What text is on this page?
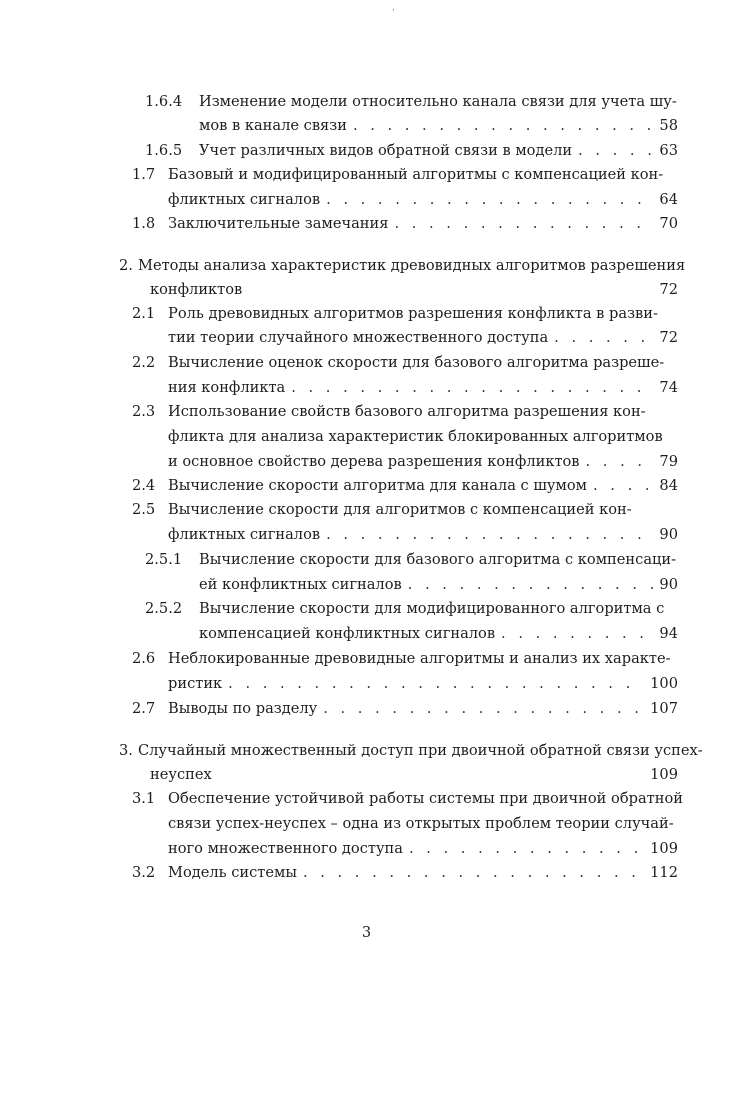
·
1.6.4 Изменение модели относительно канала связи для учета шу-
мов в канале связи . . .	58
1.6.5 Учет различных видов обратной связи в модели . . .	63
1.7 Базовый и модифицированный алгоритмы с компенсацией кон-
фликтных сигналов . . .	64
1.8 Заключительные замечания . . .	70
2. Методы анализа характеристик древовидных алгоритмов разрешения
конфликтов	72
2.1 Роль древовидных алгоритмов разрешения конфликта в разви-
тии теории случайного множественного доступа . . .	72
2.2 Вычисление оценок скорости для базового алгоритма разреше-
ния конфликта . . .	74
2.3 Использование свойств базового алгоритма разрешения кон-
фликта для анализа характеристик блокированных алгоритмов
и основное свойство дерева разрешения конфликтов . . .	79
2.4 Вычисление скорости алгоритма для канала с шумом . . .	84
2.5 Вычисление скорости для алгоритмов с компенсацией кон-
фликтных сигналов . . .	90
2.5.1 Вычисление скорости для базового алгоритма с компенсаци-
ей конфликтных сигналов . . .	90
2.5.2 Вычисление скорости для модифицированного алгоритма с
компенсацией конфликтных сигналов . . .	94
2.6 Неблокированные древовидные алгоритмы и анализ их характе-
ристик . . .	100
2.7 Выводы по разделу . . .	107
3. Случайный множественный доступ при двоичной обратной связи успех-
неуспех	109
3.1 Обеспечение устойчивой работы системы при двоичной обратной
связи успех-неуспех – одна из открытых проблем теории случай-
ного множественного доступа . . .	109
3.2 Модель системы . . .	112
3
